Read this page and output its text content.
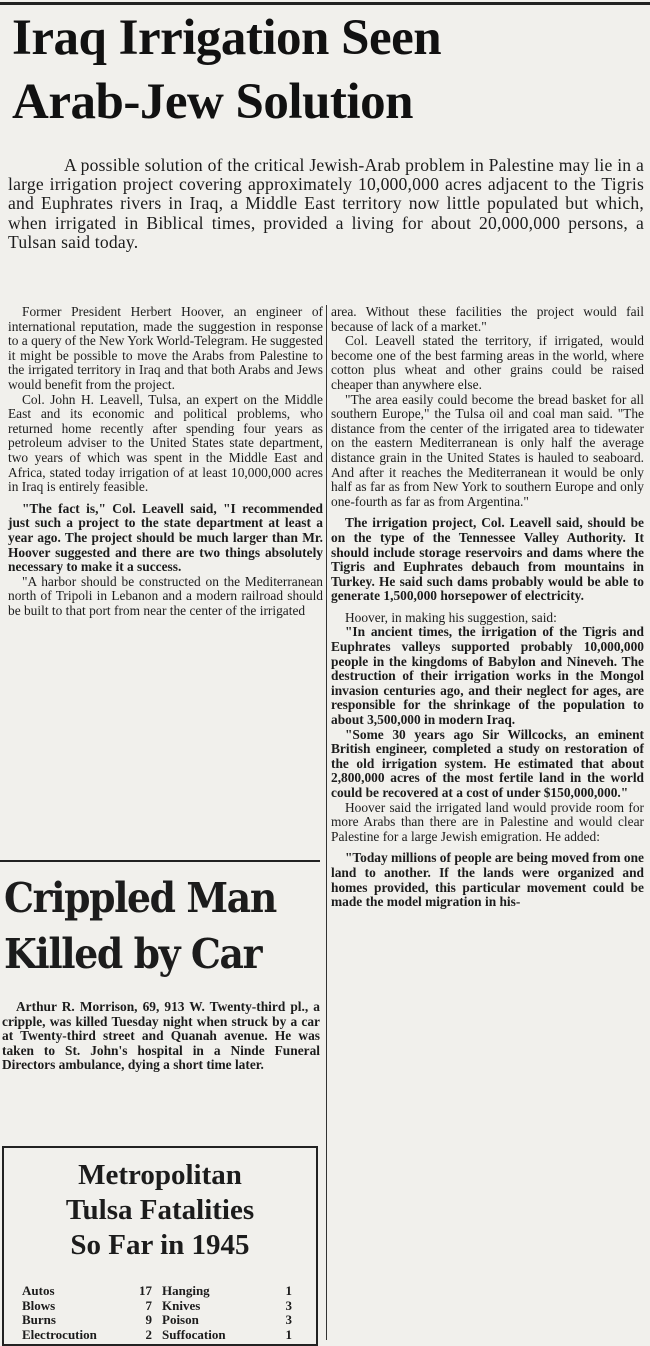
Iraq Irrigation Seen
Arab-Jew Solution

A possible solution of the critical Jewish-Arab problem in Palestine may lie in a large irrigation project covering approximately 10,000,000 acres adjacent to the Tigris and Euphrates rivers in Iraq, a Middle East territory now little populated but which, when irrigated in Biblical times, provided a living for about 20,000,000 persons, a Tulsan said today.

Former President Herbert Hoover, an engineer of international reputation, made the suggestion in response to a query of the New York World-Telegram. He suggested it might be possible to move the Arabs from Palestine to the irrigated territory in Iraq and that both Arabs and Jews would benefit from the project.

Col. John H. Leavell, Tulsa, an expert on the Middle East and its economic and political problems, who returned home recently after spending four years as petroleum adviser to the United States state department, two years of which was spent in the Middle East and Africa, stated today irrigation of at least 10,000,000 acres in Iraq is entirely feasible.

"The fact is," Col. Leavell said, "I recommended just such a project to the state department at least a year ago. The project should be much larger than Mr. Hoover suggested and there are two things absolutely necessary to make it a success.

"A harbor should be constructed on the Mediterranean north of Tripoli in Lebanon and a modern railroad should be built to that port from near the center of the irrigated

area. Without these facilities the project would fail because of lack of a market."

Col. Leavell stated the territory, if irrigated, would become one of the best farming areas in the world, where cotton plus wheat and other grains could be raised cheaper than anywhere else.

"The area easily could become the bread basket for all southern Europe," the Tulsa oil and coal man said. "The distance from the center of the irrigated area to tidewater on the eastern Mediterranean is only half the average distance grain in the United States is hauled to seaboard. And after it reaches the Mediterranean it would be only half as far as from New York to southern Europe and only one-fourth as far as from Argentina."

The irrigation project, Col. Leavell said, should be on the type of the Tennessee Valley Authority. It should include storage reservoirs and dams where the Tigris and Euphrates debauch from mountains in Turkey. He said such dams probably would be able to generate 1,500,000 horsepower of electricity.

Hoover, in making his suggestion, said:

"In ancient times, the irrigation of the Tigris and Euphrates valleys supported probably 10,000,000 people in the kingdoms of Babylon and Nineveh. The destruction of their irrigation works in the Mongol invasion centuries ago, and their neglect for ages, are responsible for the shrinkage of the population to about 3,500,000 in modern Iraq.

"Some 30 years ago Sir Willcocks, an eminent British engineer, completed a study on restoration of the old irrigation system. He estimated that about 2,800,000 acres of the most fertile land in the world could be recovered at a cost of under $150,000,000."

Hoover said the irrigated land would provide room for more Arabs than there are in Palestine and would clear Palestine for a large Jewish emigration. He added:

"Today millions of people are being moved from one land to another. If the lands were organized and homes provided, this particular movement could be made the model migration in his-

Crippled Man
Killed by Car

Arthur R. Morrison, 69, 913 W. Twenty-third pl., a cripple, was killed Tuesday night when struck by a car at Twenty-third street and Quanah avenue. He was taken to St. John's hospital in a Ninde Funeral Directors ambulance, dying a short time later.

Metropolitan
Tulsa Fatalities
So Far in 1945
Autos	17 Hanging	1
Blows	7 Knives	3
Burns	9 Poison	3
Electrocution	2 Suffocation	1
